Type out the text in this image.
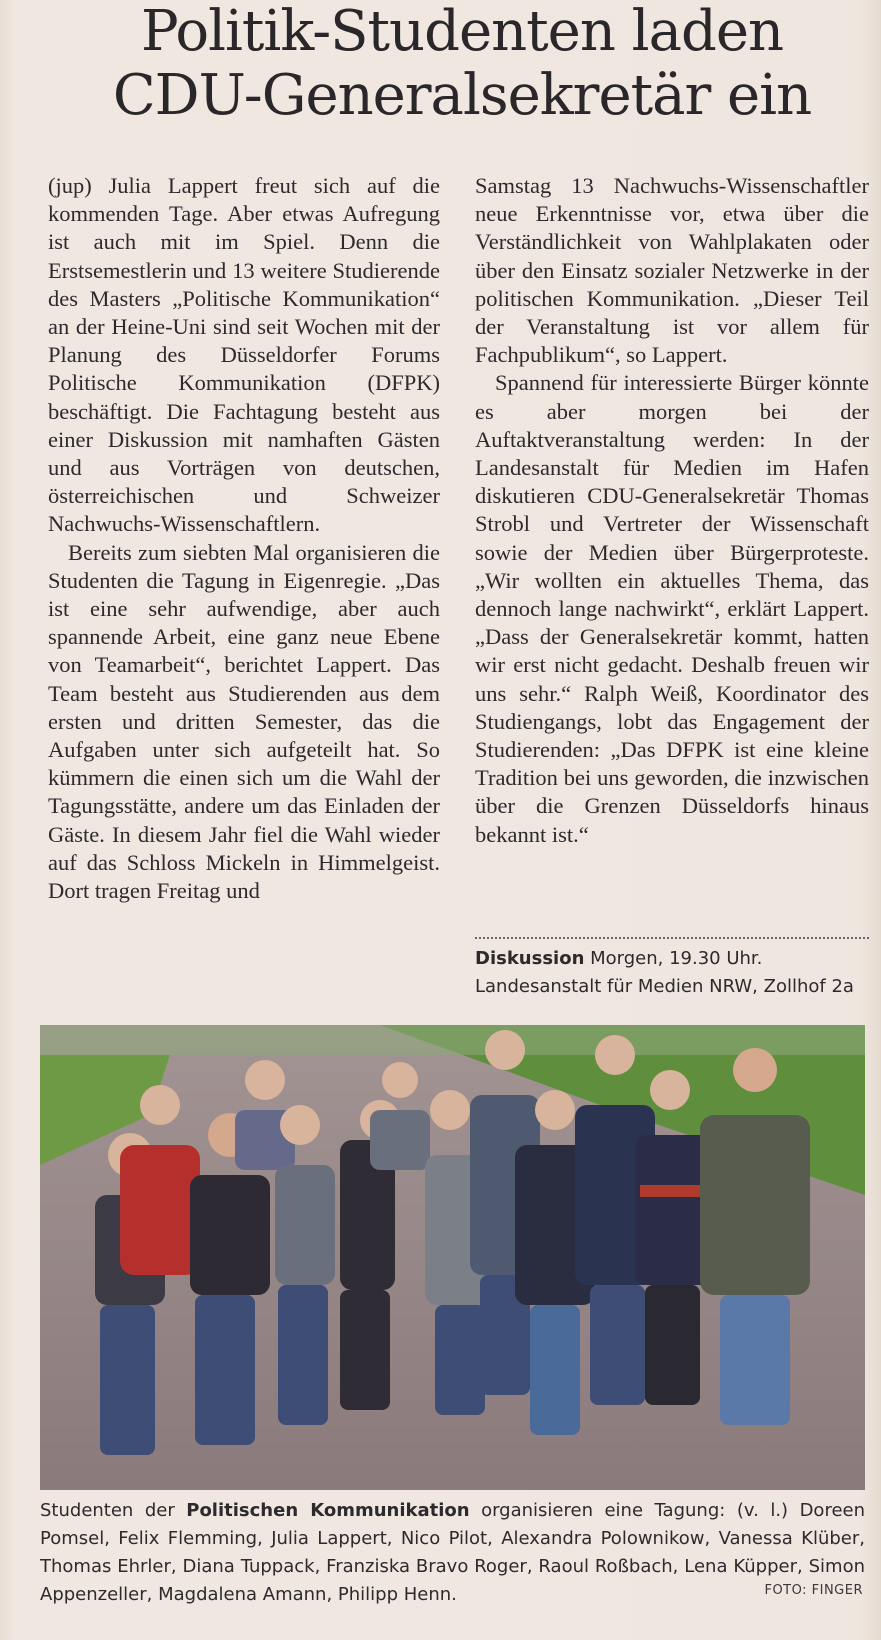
Politik-Studenten laden
CDU-Generalsekretär ein

(jup) Julia Lappert freut sich auf die kommenden Tage. Aber etwas Aufregung ist auch mit im Spiel. Denn die Erstsemestlerin und 13 weitere Studierende des Masters „Politische Kommunikation“ an der Heine-Uni sind seit Wochen mit der Planung des Düsseldorfer Forums Politische Kommunikation (DFPK) beschäftigt. Die Fachtagung besteht aus einer Diskussion mit namhaften Gästen und aus Vorträgen von deutschen, österreichischen und Schweizer Nachwuchs-Wissenschaftlern.

Bereits zum siebten Mal organisieren die Studenten die Tagung in Eigenregie. „Das ist eine sehr aufwendige, aber auch spannende Arbeit, eine ganz neue Ebene von Teamarbeit“, berichtet Lappert. Das Team besteht aus Studierenden aus dem ersten und dritten Semester, das die Aufgaben unter sich aufgeteilt hat. So kümmern die einen sich um die Wahl der Tagungsstätte, andere um das Einladen der Gäste. In diesem Jahr fiel die Wahl wieder auf das Schloss Mickeln in Himmelgeist. Dort tragen Freitag und

Samstag 13 Nachwuchs-Wissenschaftler neue Erkenntnisse vor, etwa über die Verständlichkeit von Wahlplakaten oder über den Einsatz sozialer Netzwerke in der politischen Kommunikation. „Dieser Teil der Veranstaltung ist vor allem für Fachpublikum“, so Lappert.

Spannend für interessierte Bürger könnte es aber morgen bei der Auftaktveranstaltung werden: In der Landesanstalt für Medien im Hafen diskutieren CDU-Generalsekretär Thomas Strobl und Vertreter der Wissenschaft sowie der Medien über Bürgerproteste. „Wir wollten ein aktuelles Thema, das dennoch lange nachwirkt“, erklärt Lappert. „Dass der Generalsekretär kommt, hatten wir erst nicht gedacht. Deshalb freuen wir uns sehr.“ Ralph Weiß, Koordinator des Studiengangs, lobt das Engagement der Studierenden: „Das DFPK ist eine kleine Tradition bei uns geworden, die inzwischen über die Grenzen Düsseldorfs hinaus bekannt ist.“

Diskussion Morgen, 19.30 Uhr. Landesanstalt für Medien NRW, Zollhof 2a
Studenten der Politischen Kommunikation organisieren eine Tagung: (v. l.) Doreen Pomsel, Felix Flemming, Julia Lappert, Nico Pilot, Alexandra Polownikow, Vanessa Klüber, Thomas Ehrler, Diana Tuppack, Franziska Bravo Roger, Raoul Roßbach, Lena Küpper, Simon Appenzeller, Magdalena Amann, Philipp Henn.	FOTO: FINGER
